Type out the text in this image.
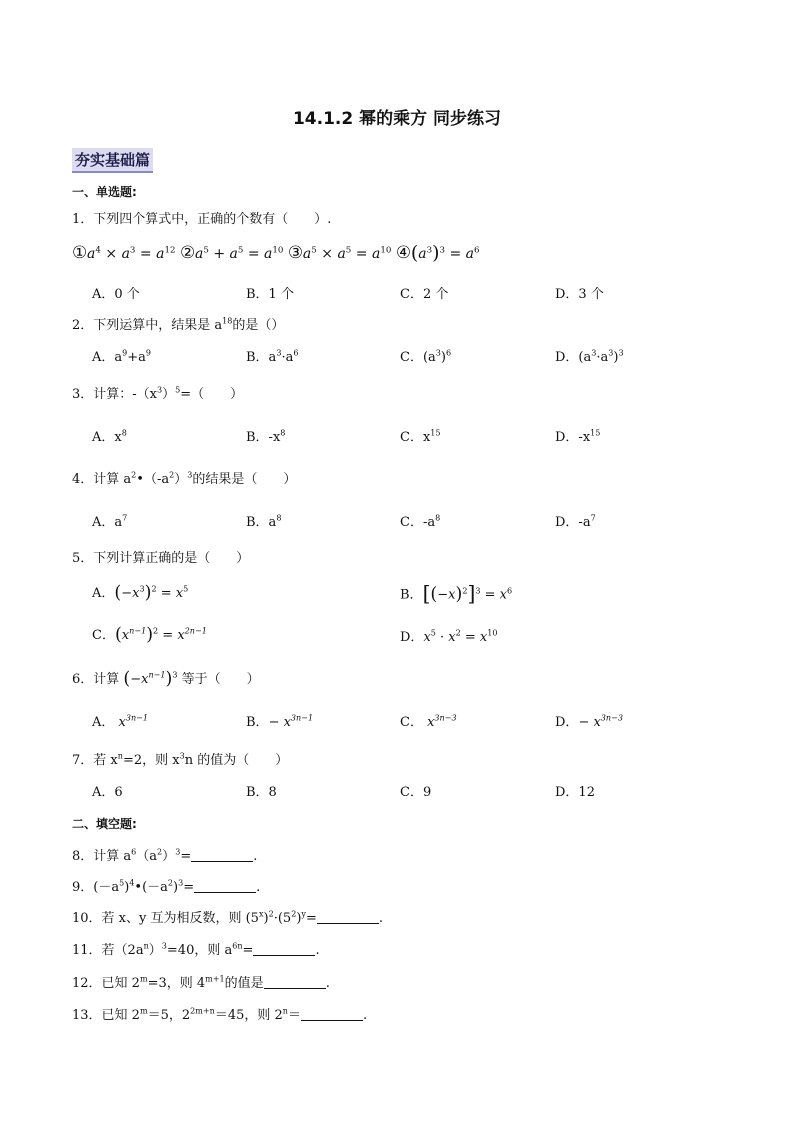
14.1.2 幂的乘方 同步练习
夯实基础篇
一、单选题:
1．下列四个算式中，正确的个数有（　　）.
$①a^4 \times a^3 = a^{12}$ $②a^5 + a^5 = a^{10}$ $③a^5 \times a^5 = a^{10}$ $④(a^3)^3 = a^6$
A．0 个	B．1 个	C．2 个	D．3 个
2．下列运算中，结果是 $a^{18}$的是（）
A．$a^9+a^9$	B．$a^3\cdot a^6$	C．$(a^3)^6$	D．$(a^3\cdot a^3)^3$
3．计算：$-(x^3)^5=$（　　）
A．$x^8$	B．$-x^8$	C．$x^{15}$	D．$-x^{15}$
4．计算 $a^2•(-a^2)^3$的结果是（　　）
A．$a^7$	B．$a^8$	C．$-a^8$	D．$-a^7$
5．下列计算正确的是（　　）
A．$(-x^3)^2 = x^5$	B．$[(-x)^2]^3 = x^6$
C．$(x^{n-1})^2 = x^{2n-1}$	D．$x^5 \cdot x^2 = x^{10}$
6．计算 $(-x^{n-1})^3$ 等于（　　）
A． $x^{3n-1}$	B．− $x^{3n-1}$	C． $x^{3n-3}$	D．− $x^{3n-3}$
7．若 $x^n=2$，则 $x^3n$ 的值为（　　）
A．6	B．8	C．9	D．12
二、填空题:
8．计算 $a^6(a^2)^3=$	.
9．$(-a^5)^4•(-a^2)^3=$	.
10．若 x、y 互为相反数，则 $(5^x)^2\cdot(5^2)^y=$	.
11．若$(2a^n)^3=40$，则 $a^{6n}=$	.
12．已知 $2^m=3$，则 $4^{m+1}$的值是	.
13．已知 $2^m=5$，$2^{2m+n}=45$，则 $2^n=$	.
